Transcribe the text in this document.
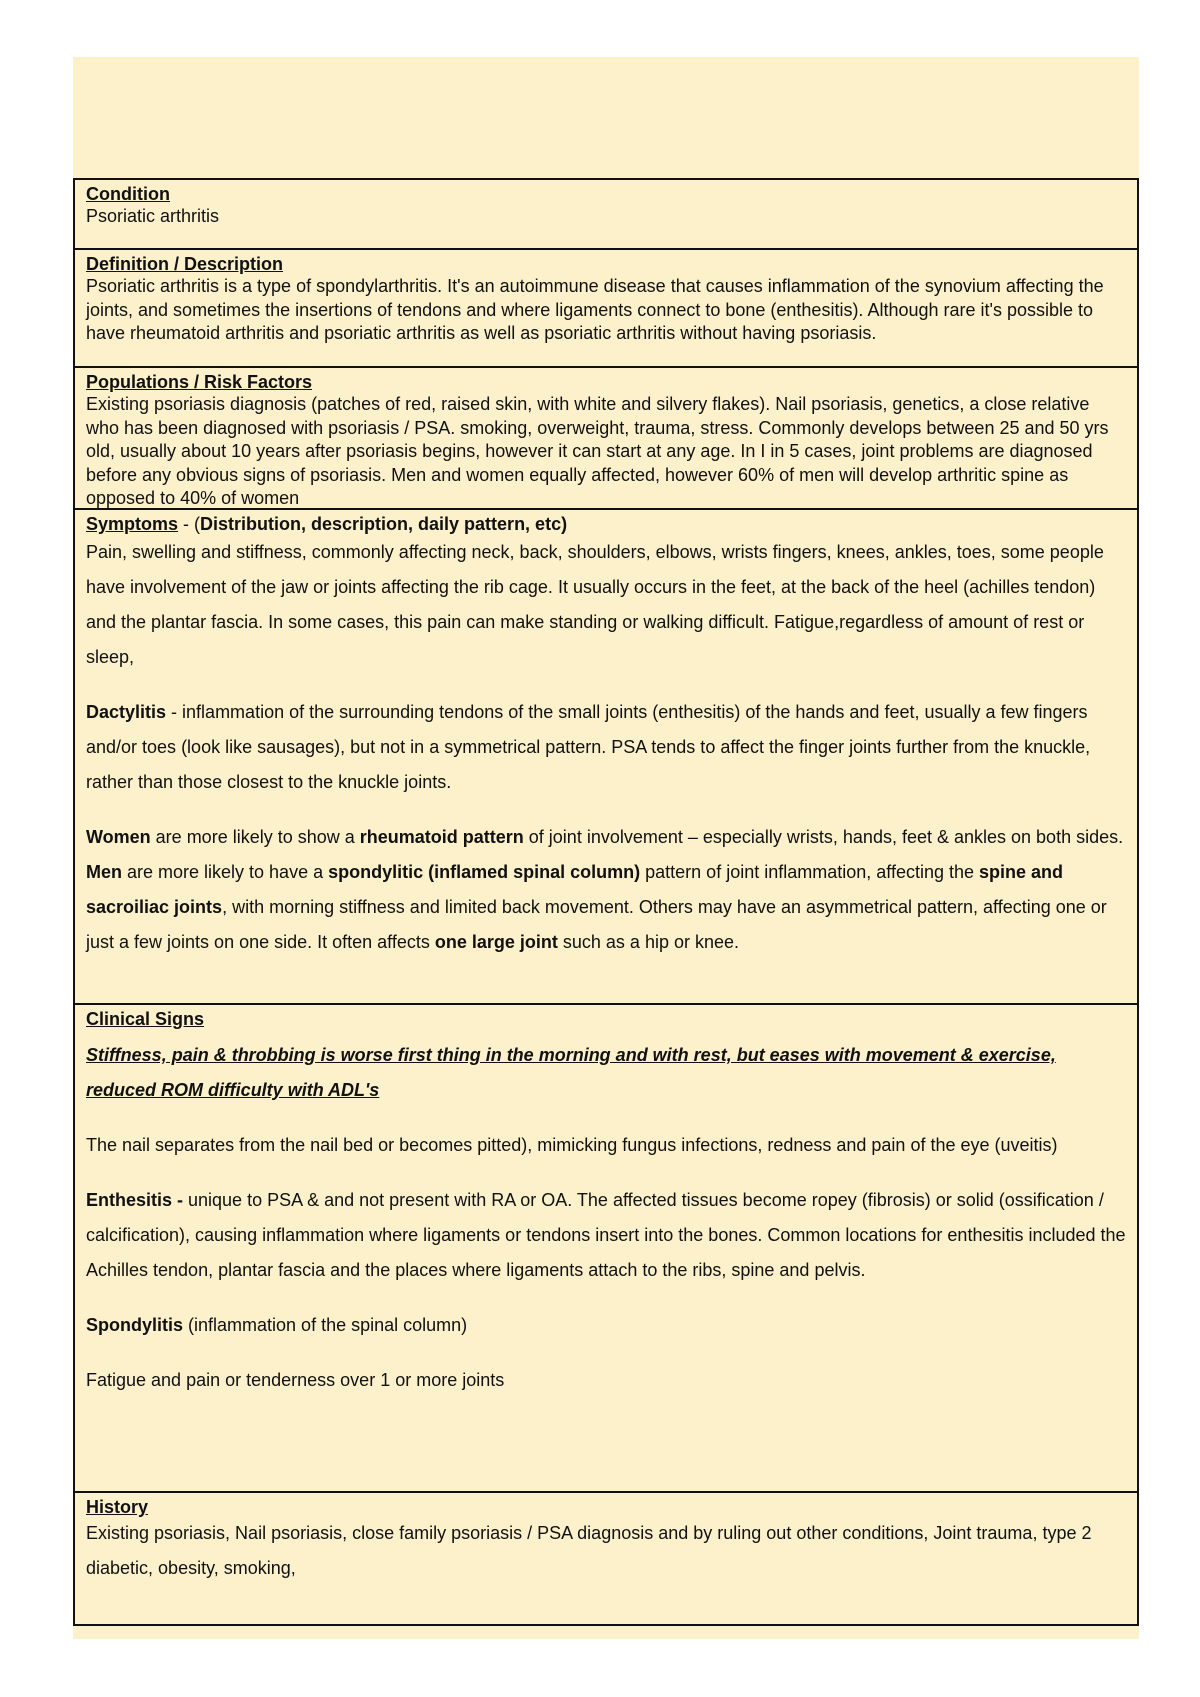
Condition
Psoriatic arthritis
Definition / Description
Psoriatic arthritis is a type of spondylarthritis. It's an autoimmune disease that causes inflammation of the synovium affecting the joints, and sometimes the insertions of tendons and where ligaments connect to bone (enthesitis). Although rare it's possible to have rheumatoid arthritis and psoriatic arthritis as well as psoriatic arthritis without having psoriasis.
Populations / Risk Factors
Existing psoriasis diagnosis (patches of red, raised skin, with white and silvery flakes). Nail psoriasis, genetics, a close relative who has been diagnosed with psoriasis / PSA. smoking, overweight, trauma, stress. Commonly develops between 25 and 50 yrs old, usually about 10 years after psoriasis begins, however it can start at any age. In I in 5 cases, joint problems are diagnosed before any obvious signs of psoriasis. Men and women equally affected, however 60% of men will develop arthritic spine as opposed to 40% of women
Symptoms - (Distribution, description, daily pattern, etc)

Pain, swelling and stiffness, commonly affecting neck, back, shoulders, elbows, wrists fingers, knees, ankles, toes, some people have involvement of the jaw or joints affecting the rib cage. It usually occurs in the feet, at the back of the heel (achilles tendon) and the plantar fascia. In some cases, this pain can make standing or walking difficult. Fatigue,regardless of amount of rest or sleep,

Dactylitis - inflammation of the surrounding tendons of the small joints (enthesitis) of the hands and feet, usually a few fingers and/or toes (look like sausages), but not in a symmetrical pattern. PSA tends to affect the finger joints further from the knuckle, rather than those closest to the knuckle joints.

Women are more likely to show a rheumatoid pattern of joint involvement – especially wrists, hands, feet & ankles on both sides. Men are more likely to have a spondylitic (inflamed spinal column) pattern of joint inflammation, affecting the spine and sacroiliac joints, with morning stiffness and limited back movement. Others may have an asymmetrical pattern, affecting one or just a few joints on one side. It often affects one large joint such as a hip or knee.

Clinical Signs

Stiffness, pain & throbbing is worse first thing in the morning and with rest, but eases with movement & exercise, reduced ROM difficulty with ADL's

The nail separates from the nail bed or becomes pitted), mimicking fungus infections, redness and pain of the eye (uveitis)

Enthesitis - unique to PSA & and not present with RA or OA. The affected tissues become ropey (fibrosis) or solid (ossification / calcification), causing inflammation where ligaments or tendons insert into the bones. Common locations for enthesitis included the Achilles tendon, plantar fascia and the places where ligaments attach to the ribs, spine and pelvis.

Spondylitis (inflammation of the spinal column)

Fatigue and pain or tenderness over 1 or more joints

History

Existing psoriasis, Nail psoriasis, close family psoriasis / PSA diagnosis and by ruling out other conditions, Joint trauma, type 2 diabetic, obesity, smoking,
